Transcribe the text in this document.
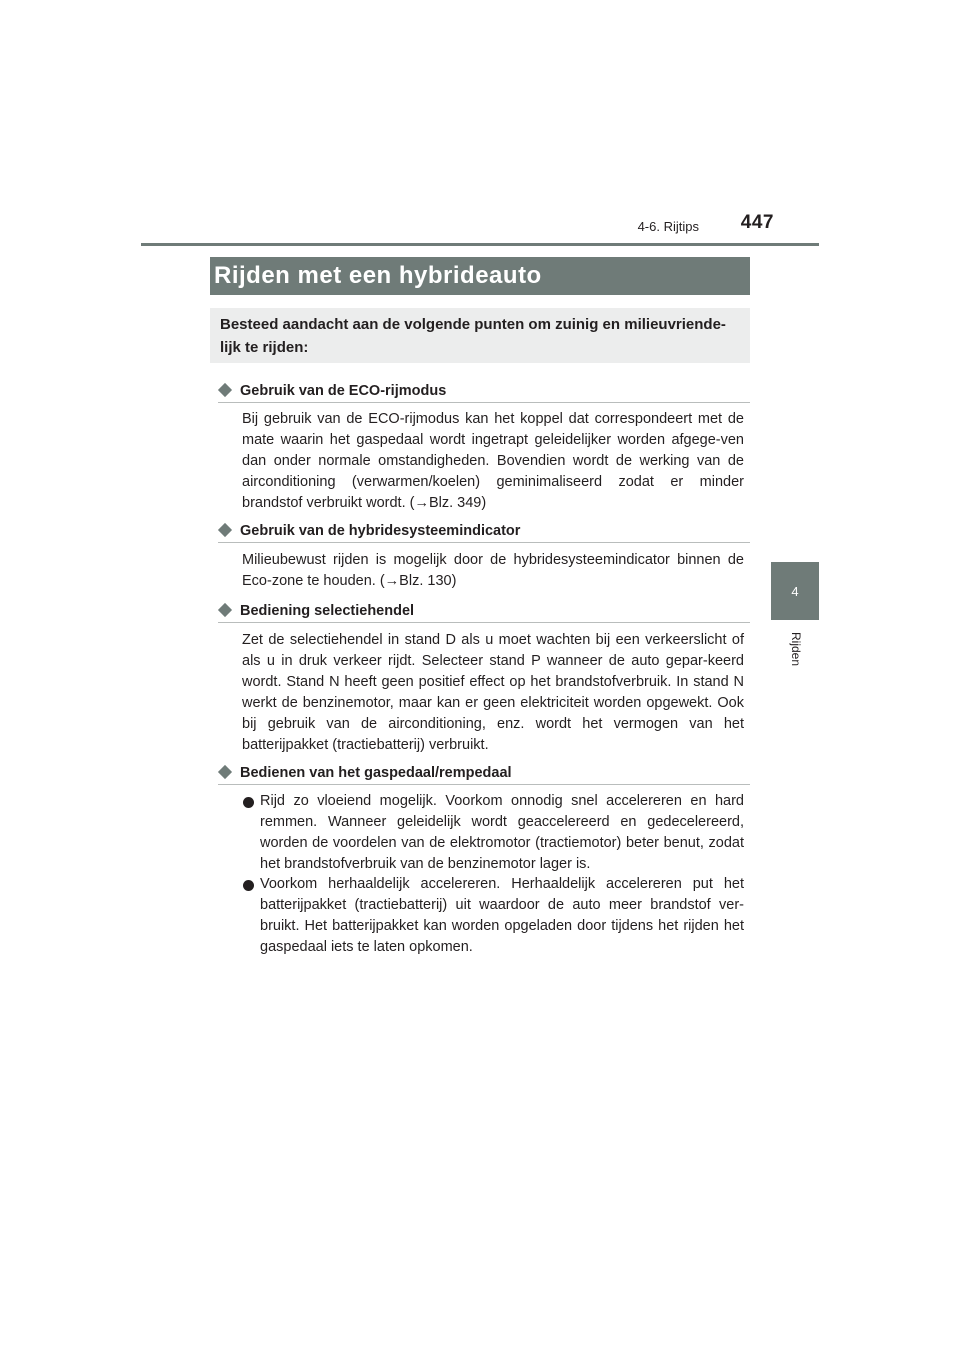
4-6. Rijtips	447
4
Rijden
Rijden met een hybrideauto
Besteed aandacht aan de volgende punten om zuinig en milieuvriende-lijk te rijden:
Gebruik van de ECO-rijmodus

Bij gebruik van de ECO-rijmodus kan het koppel dat correspondeert met de mate waarin het gaspedaal wordt ingetrapt geleidelijker worden afgege-ven dan onder normale omstandigheden. Bovendien wordt de werking van de airconditioning (verwarmen/koelen) geminimaliseerd zodat er minder brandstof verbruikt wordt. (→Blz. 349)

Gebruik van de hybridesysteemindicator

Milieubewust rijden is mogelijk door de hybridesysteemindicator binnen de Eco-zone te houden. (→Blz. 130)

Bediening selectiehendel

Zet de selectiehendel in stand D als u moet wachten bij een verkeerslicht of als u in druk verkeer rijdt. Selecteer stand P wanneer de auto gepar-keerd wordt. Stand N heeft geen positief effect op het brandstofverbruik. In stand N werkt de benzinemotor, maar kan er geen elektriciteit worden opgewekt. Ook bij gebruik van de airconditioning, enz. wordt het vermogen van het batterijpakket (tractiebatterij) verbruikt.

Bedienen van het gaspedaal/rempedaal

Rijd zo vloeiend mogelijk. Voorkom onnodig snel accelereren en hard remmen. Wanneer geleidelijk wordt geaccelereerd en gedecelereerd, worden de voordelen van de elektromotor (tractiemotor) beter benut, zodat het brandstofverbruik van de benzinemotor lager is.

Voorkom herhaaldelijk accelereren. Herhaaldelijk accelereren put het batterijpakket (tractiebatterij) uit waardoor de auto meer brandstof ver-bruikt. Het batterijpakket kan worden opgeladen door tijdens het rijden het gaspedaal iets te laten opkomen.
